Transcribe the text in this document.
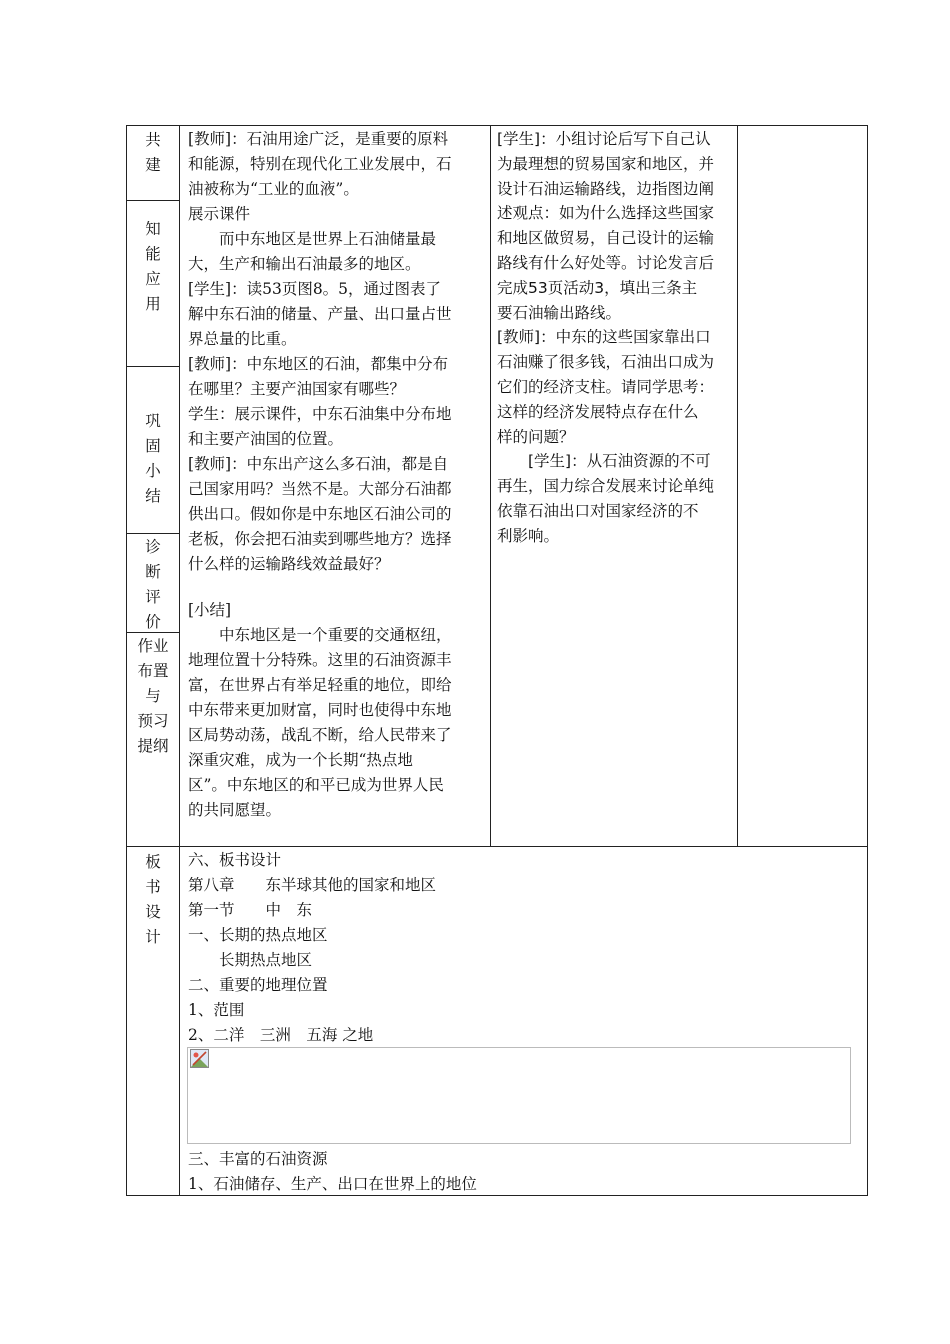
共
建
知
能
应
用
巩
固
小
结
诊
断
评
价
作业
布置
与
预习
提纲
板
书
设
计
[教师]：石油用途广泛，是重要的原料
和能源，特别在现代化工业发展中，石
油被称为“工业的血液”。
展示课件
　　而中东地区是世界上石油储量最
大，生产和输出石油最多的地区。
[学生]：读53页图8。5，通过图表了
解中东石油的储量、产量、出口量占世
界总量的比重。
[教师]：中东地区的石油，都集中分布
在哪里？主要产油国家有哪些？
学生：展示课件，中东石油集中分布地
和主要产油国的位置。
[教师]：中东出产这么多石油，都是自
己国家用吗？当然不是。大部分石油都
供出口。假如你是中东地区石油公司的
老板，你会把石油卖到哪些地方？选择
什么样的运输路线效益最好？
[小结]
　　中东地区是一个重要的交通枢纽，
地理位置十分特殊。这里的石油资源丰
富，在世界占有举足轻重的地位，即给
中东带来更加财富，同时也使得中东地
区局势动荡，战乱不断，给人民带来了
深重灾难，成为一个长期“热点地
区”。中东地区的和平已成为世界人民
的共同愿望。
[学生]：小组讨论后写下自己认
为最理想的贸易国家和地区，并
设计石油运输路线，边指图边阐
述观点：如为什么选择这些国家
和地区做贸易，自己设计的运输
路线有什么好处等。讨论发言后
完成53页活动3，填出三条主
要石油输出路线。
[教师]：中东的这些国家靠出口
石油赚了很多钱，石油出口成为
它们的经济支柱。请同学思考：
这样的经济发展特点存在什么
样的问题？
　　[学生]：从石油资源的不可
再生，国力综合发展来讨论单纯
依靠石油出口对国家经济的不
利影响。
六、板书设计
第八章　　东半球其他的国家和地区
第一节　　中　东
一、长期的热点地区
　　长期热点地区
二、重要的地理位置
1、范围
2、二洋　三洲　五海 之地
三、丰富的石油资源
1、石油储存、生产、出口在世界上的地位
